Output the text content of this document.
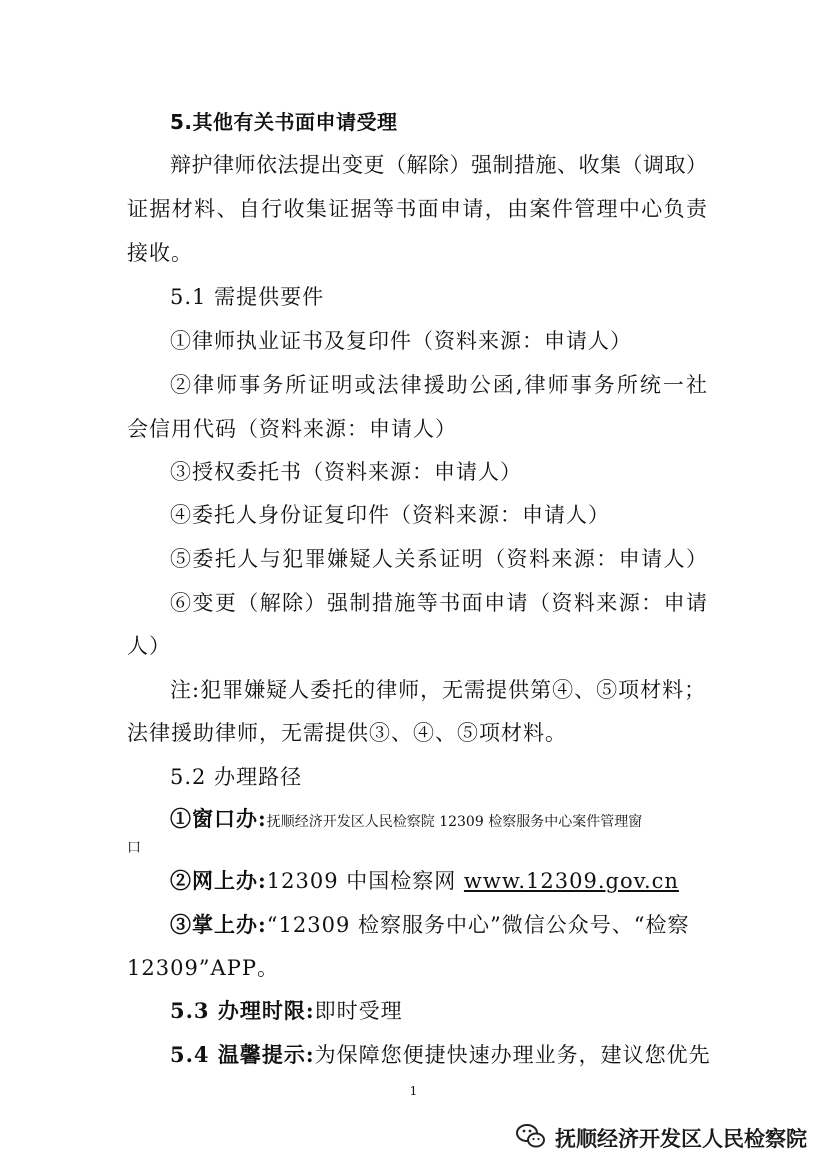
5.其他有关书面申请受理
辩护律师依法提出变更（解除）强制措施、收集（调取）
证据材料、自行收集证据等书面申请，由案件管理中心负责
接收。
5.1 需提供要件
①律师执业证书及复印件（资料来源：申请人）
②律师事务所证明或法律援助公函,律师事务所统一社
会信用代码（资料来源：申请人）
③授权委托书（资料来源：申请人）
④委托人身份证复印件（资料来源：申请人）
⑤委托人与犯罪嫌疑人关系证明（资料来源：申请人）
⑥变更（解除）强制措施等书面申请（资料来源：申请
人）
注:犯罪嫌疑人委托的律师，无需提供第④、⑤项材料；
法律援助律师，无需提供③、④、⑤项材料。
5.2 办理路径
①窗口办:抚顺经济开发区人民检察院 12309 检察服务中心案件管理窗
口
②网上办:12309 中国检察网 www.12309.gov.cn
③掌上办:“12309 检察服务中心”微信公众号、“检察
12309”APP。
5.3 办理时限:即时受理
5.4 温馨提示:为保障您便捷快速办理业务，建议您优先
1
抚顺经济开发区人民检察院
